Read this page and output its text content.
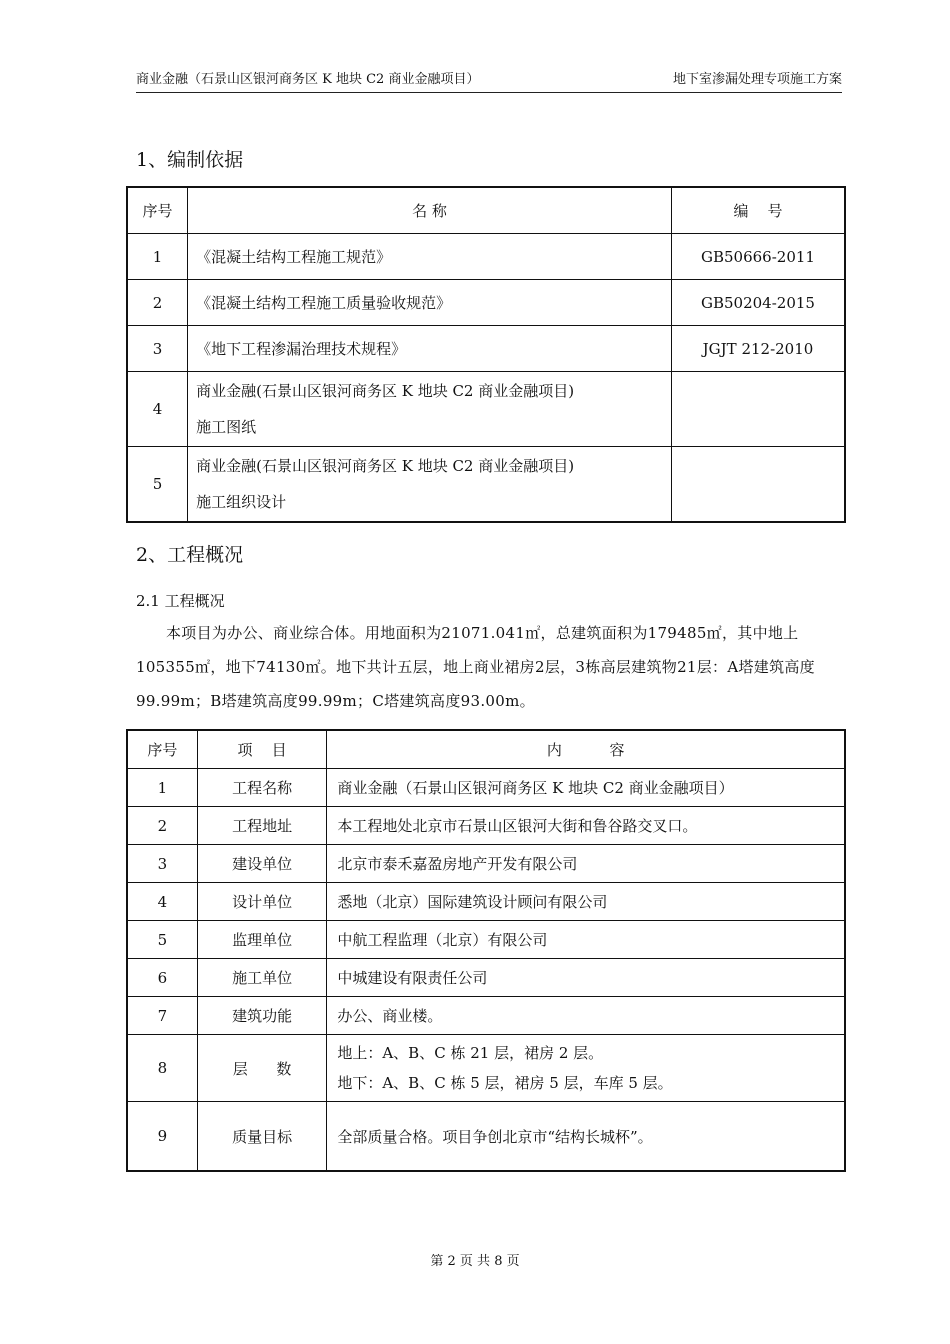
商业金融（石景山区银河商务区 K 地块 C2 商业金融项目）	地下室渗漏处理专项施工方案
1、编制依据
序号	名 称	编    号
1	《混凝土结构工程施工规范》	GB50666-2011
2	《混凝土结构工程施工质量验收规范》	GB50204-2015
3	《地下工程渗漏治理技术规程》	JGJT 212-2010
4	商业金融(石景山区银河商务区 K 地块 C2 商业金融项目)
施工图纸	

5	商业金融(石景山区银河商务区 K 地块 C2 商业金融项目)
施工组织设计	

2、工程概况
2.1 工程概况
本项目为办公、商业综合体。用地面积为21071.041㎡，总建筑面积为179485㎡，其中地上105355㎡，地下74130㎡。地下共计五层，地上商业裙房2层，3栋高层建筑物21层：A塔建筑高度99.99m；B塔建筑高度99.99m；C塔建筑高度93.00m。
序号	项    目	内          容
1	工程名称	商业金融（石景山区银河商务区 K 地块 C2 商业金融项目）
2	工程地址	本工程地处北京市石景山区银河大街和鲁谷路交叉口。
3	建设单位	北京市泰禾嘉盈房地产开发有限公司
4	设计单位	悉地（北京）国际建筑设计顾问有限公司
5	监理单位	中航工程监理（北京）有限公司
6	施工单位	中城建设有限责任公司
7	建筑功能	办公、商业楼。
8	层      数	地上：A、B、C 栋 21 层，裙房 2 层。
地下：A、B、C 栋 5 层，裙房 5 层，车库 5 层。

9	质量目标	全部质量合格。项目争创北京市“结构长城杯”。
第 2 页 共 8 页
